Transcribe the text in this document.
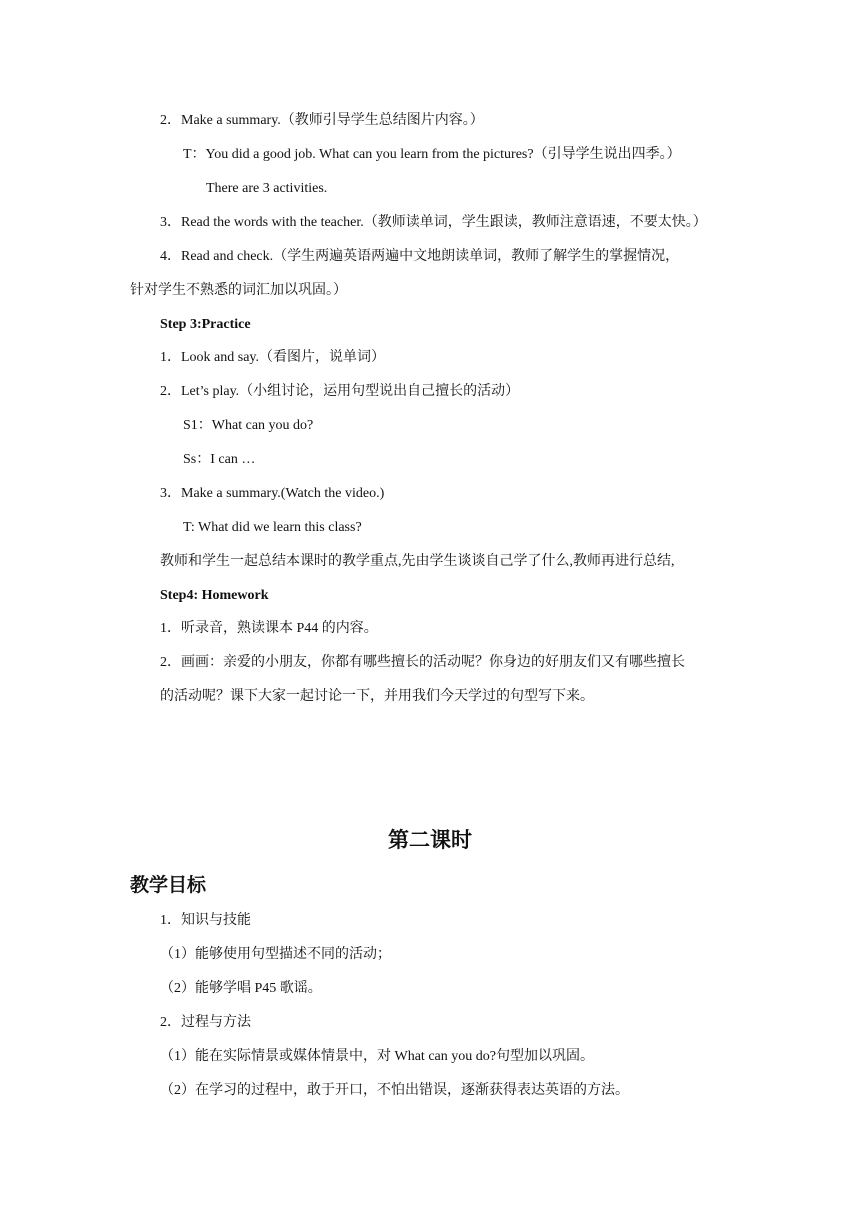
2．Make a summary.（教师引导学生总结图片内容。）
T：You did a good job. What can you learn from the pictures?（引导学生说出四季。）
There are 3 activities.
3．Read the words with the teacher.（教师读单词，学生跟读，教师注意语速，不要太快。）
4．Read and check.（学生两遍英语两遍中文地朗读单词，教师了解学生的掌握情况，
针对学生不熟悉的词汇加以巩固。）
Step 3:Practice
1．Look and say.（看图片，说单词）
2．Let’s play.（小组讨论，运用句型说出自己擅长的活动）
S1：What can you do?
Ss：I can …
3．Make a summary.(Watch the video.)
T: What did we learn this class?
教师和学生一起总结本课时的教学重点,先由学生谈谈自己学了什么,教师再进行总结,
Step4: Homework
1．听录音，熟读课本 P44 的内容。
2．画画：亲爱的小朋友，你都有哪些擅长的活动呢？你身边的好朋友们又有哪些擅长
的活动呢？课下大家一起讨论一下，并用我们今天学过的句型写下来。
第二课时
教学目标
1．知识与技能
（1）能够使用句型描述不同的活动；
（2）能够学唱 P45 歌谣。
2．过程与方法
（1）能在实际情景或媒体情景中，对 What can you do?句型加以巩固。
（2）在学习的过程中，敢于开口，不怕出错误，逐渐获得表达英语的方法。
